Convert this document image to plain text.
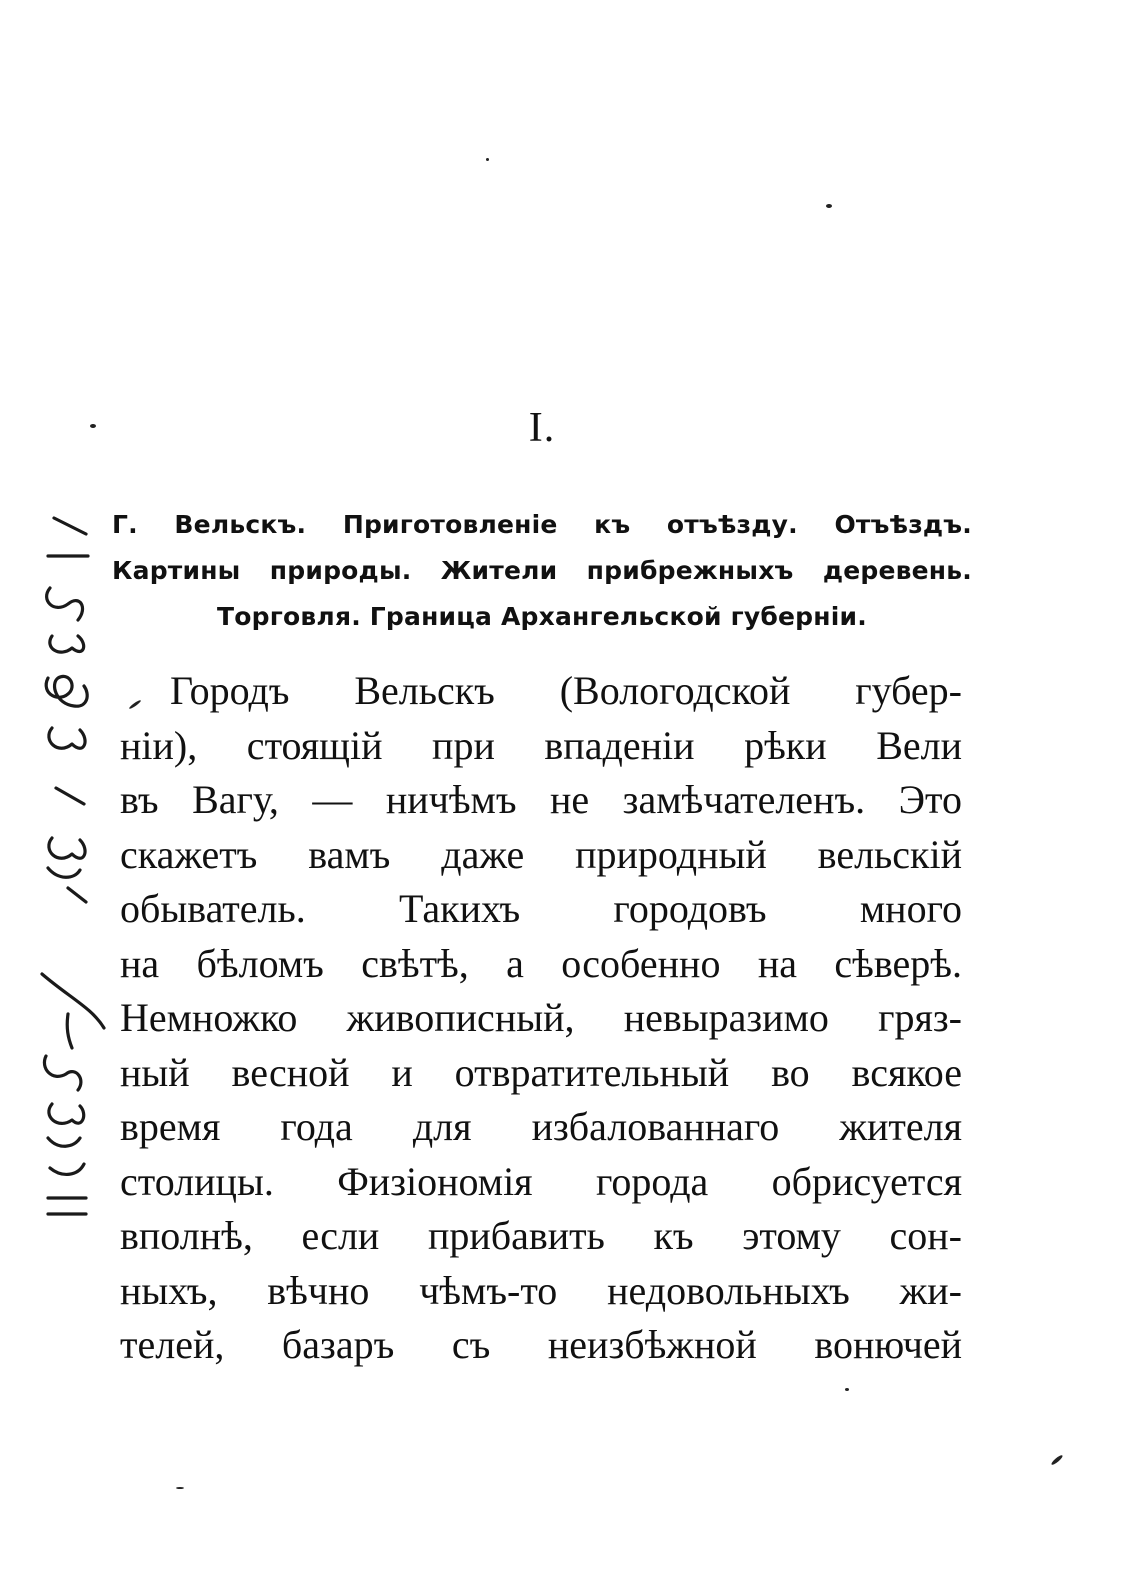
I.
Г. Вельскъ. Приготовленіе къ отъѣзду. Отъѣздъ.
Картины природы. Жители прибрежныхъ деревень.
Торговля. Граница Архангельской губерніи.
Городъ Вельскъ (Вологодской губер-
ніи), стоящій при впаденіи рѣки Вели
въ Вагу, — ничѣмъ не замѣчателенъ. Это
скажетъ вамъ даже природный вельскій
обыватель. Такихъ городовъ много
на бѣломъ свѣтѣ, а особенно на сѣверѣ.
Немножко живописный, невыразимо гряз-
ный весной и отвратительный во всякое
время года для избалованнаго жителя
столицы. Физіономія города обрисуется
вполнѣ, если прибавить къ этому сон-
ныхъ, вѣчно чѣмъ-то недовольныхъ жи-
телей, базаръ съ неизбѣжной вонючей
